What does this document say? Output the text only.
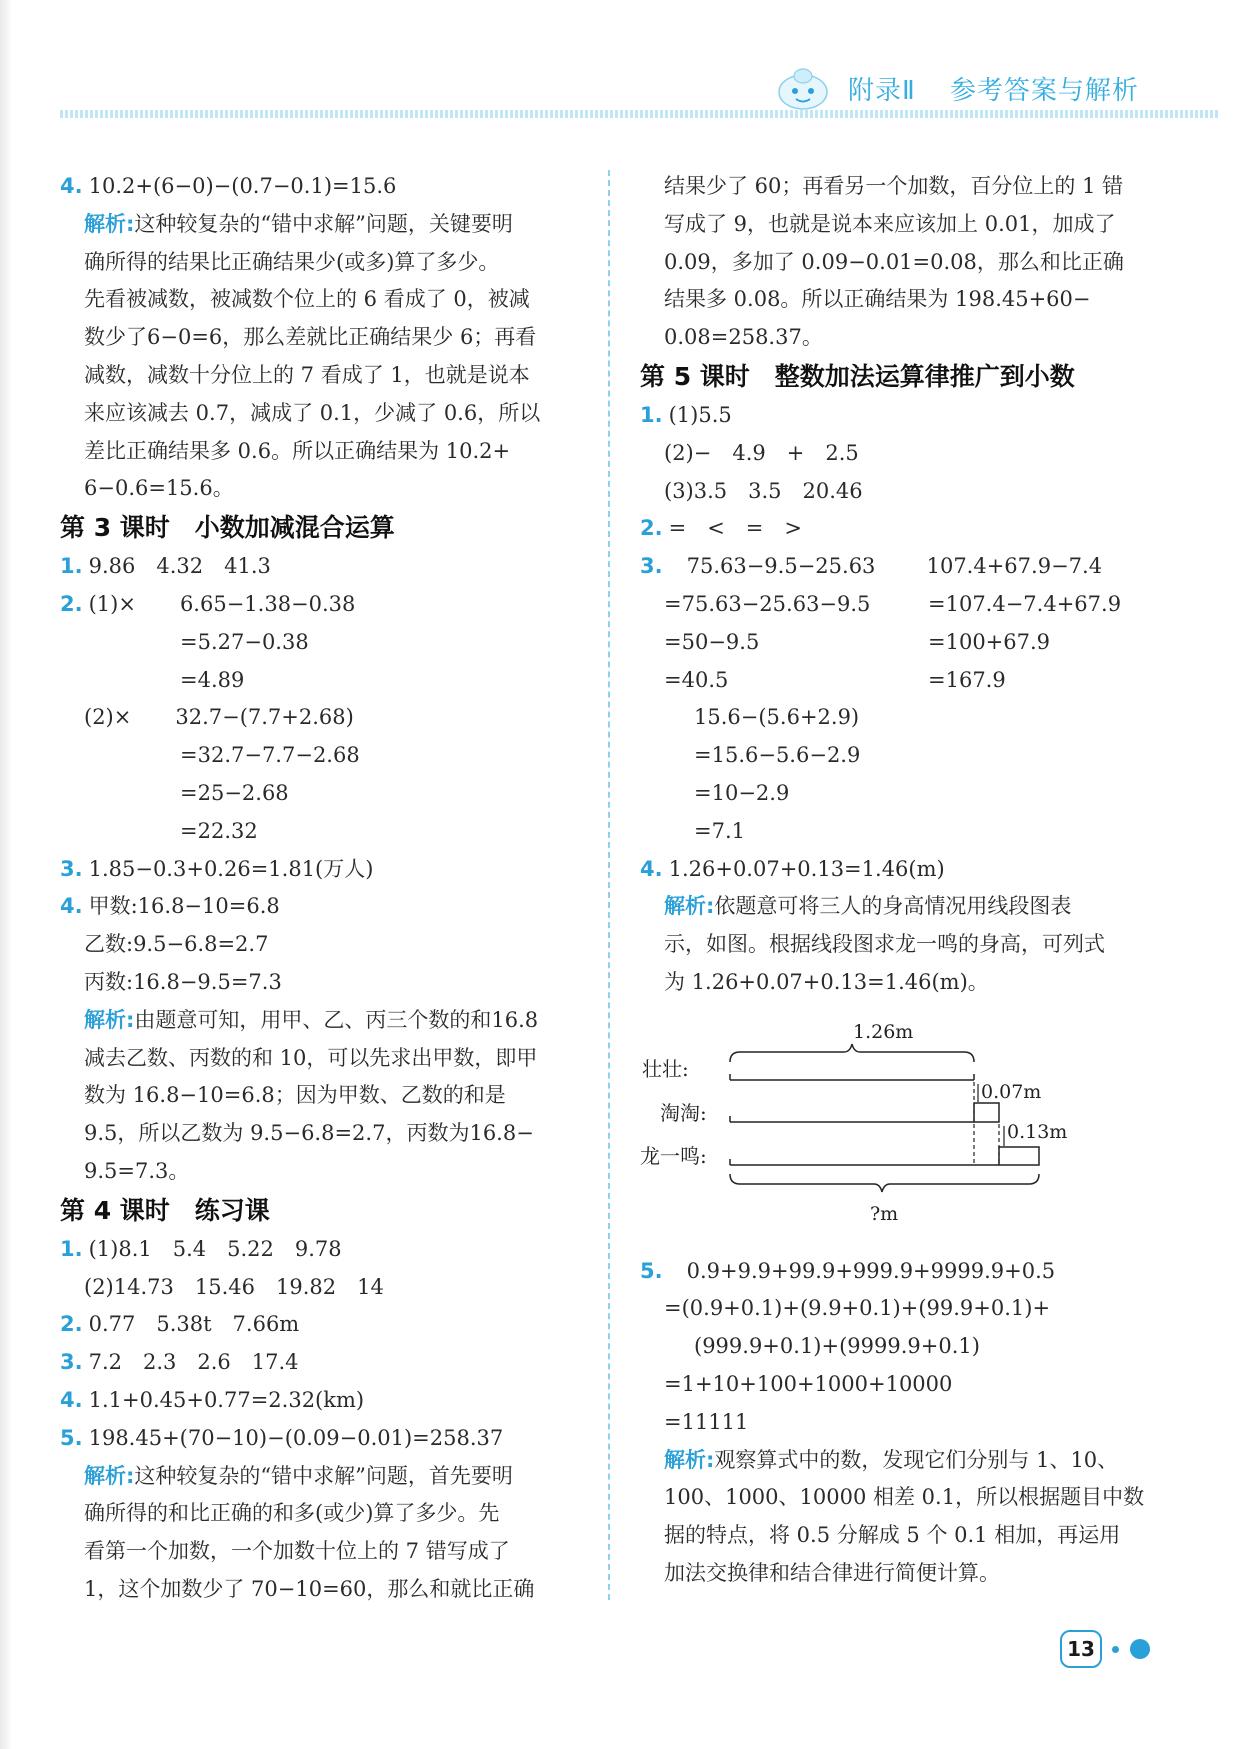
附录Ⅱ 参考答案与解析
4. 10.2+(6−0)−(0.7−0.1)=15.6
解析:这种较复杂的“错中求解”问题，关键要明
确所得的结果比正确结果少(或多)算了多少。
先看被减数，被减数个位上的 6 看成了 0，被减
数少了6−0=6，那么差就比正确结果少 6；再看
减数，减数十分位上的 7 看成了 1，也就是说本
来应该减去 0.7，减成了 0.1，少减了 0.6，所以
差比正确结果多 0.6。所以正确结果为 10.2+
6−0.6=15.6。
第 3 课时　小数加减混合运算
1. 9.86　4.32　41.3
2. (1)× 6.65−1.38−0.38
=5.27−0.38
=4.89
(2)× 32.7−(7.7+2.68)
=32.7−7.7−2.68
=25−2.68
=22.32
3. 1.85−0.3+0.26=1.81(万人)
4. 甲数:16.8−10=6.8
乙数:9.5−6.8=2.7
丙数:16.8−9.5=7.3
解析:由题意可知，用甲、乙、丙三个数的和16.8
减去乙数、丙数的和 10，可以先求出甲数，即甲
数为 16.8−10=6.8；因为甲数、乙数的和是
9.5，所以乙数为 9.5−6.8=2.7，丙数为16.8−
9.5=7.3。
第 4 课时　练习课
1. (1)8.1　5.4　5.22　9.78
(2)14.73　15.46　19.82　14
2. 0.77　5.38t　7.66m
3. 7.2　2.3　2.6　17.4
4. 1.1+0.45+0.77=2.32(km)
5. 198.45+(70−10)−(0.09−0.01)=258.37
解析:这种较复杂的“错中求解”问题，首先要明
确所得的和比正确的和多(或少)算了多少。先
看第一个加数，一个加数十位上的 7 错写成了
1，这个加数少了 70−10=60，那么和就比正确
结果少了 60；再看另一个加数，百分位上的 1 错
写成了 9，也就是说本来应该加上 0.01，加成了
0.09，多加了 0.09−0.01=0.08，那么和比正确
结果多 0.08。所以正确结果为 198.45+60−
0.08=258.37。
第 5 课时　整数加法运算律推广到小数
1. (1)5.5
(2)−　4.9　+　2.5
(3)3.5　3.5　20.46
2. =　<　=　>
3. 75.63−9.5−25.63 107.4+67.9−7.4
=75.63−25.63−9.5	=107.4−7.4+67.9
=50−9.5	=100+67.9
=40.5	=167.9
15.6−(5.6+2.9)
=15.6−5.6−2.9
=10−2.9
=7.1
4. 1.26+0.07+0.13=1.46(m)
解析:依题意可将三人的身高情况用线段图表
示，如图。根据线段图求龙一鸣的身高，可列式
为 1.26+0.07+0.13=1.46(m)。
1.26m
壮壮:
淘淘:
龙一鸣:
0.07m
0.13m
?m
5. 0.9+9.9+99.9+999.9+9999.9+0.5
=(0.9+0.1)+(9.9+0.1)+(99.9+0.1)+
(999.9+0.1)+(9999.9+0.1)
=1+10+100+1000+10000
=11111
解析:观察算式中的数，发现它们分别与 1、10、
100、1000、10000 相差 0.1，所以根据题目中数
据的特点，将 0.5 分解成 5 个 0.1 相加，再运用
加法交换律和结合律进行简便计算。
13
